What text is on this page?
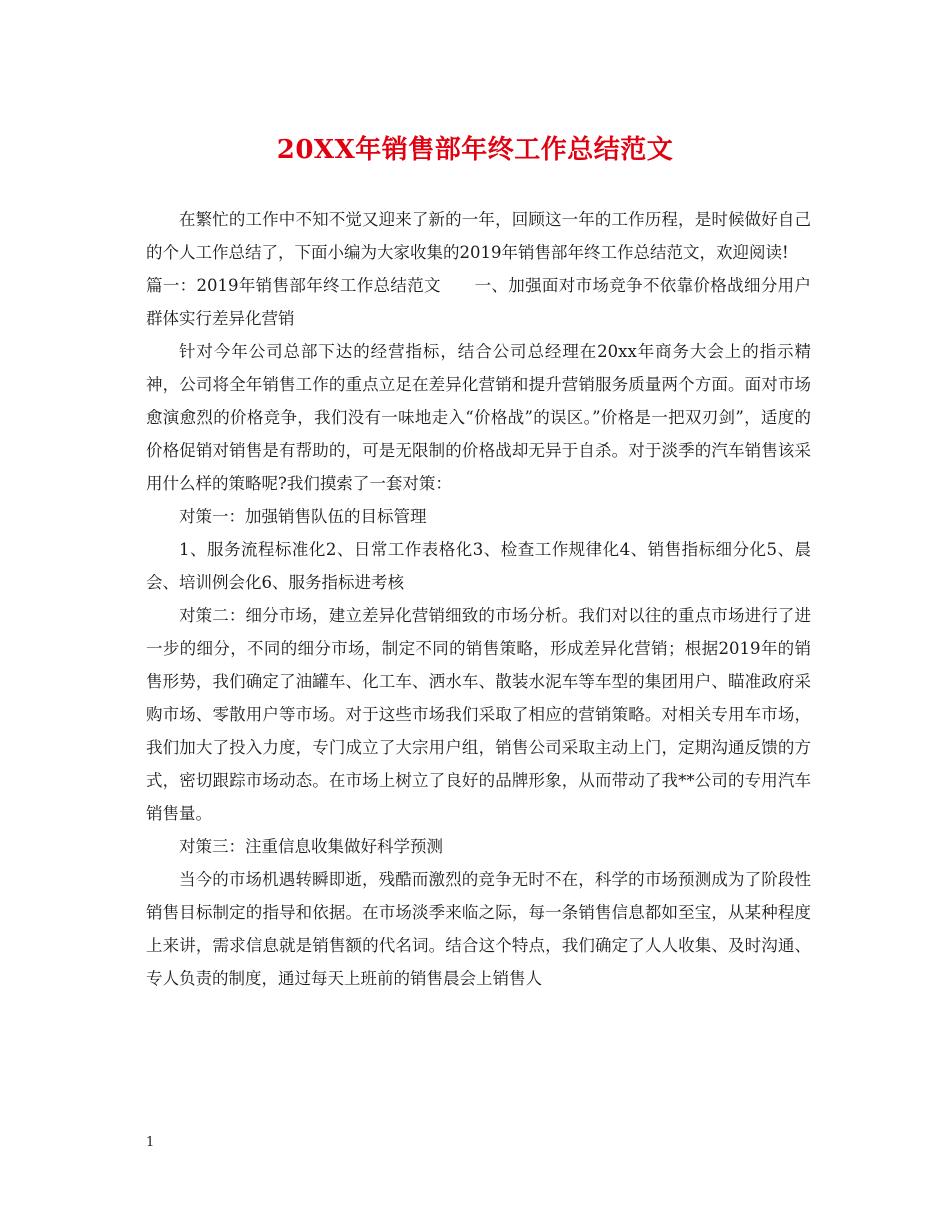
20XX年销售部年终工作总结范文

在繁忙的工作中不知不觉又迎来了新的一年，回顾这一年的工作历程，是时候做好自己的个人工作总结了，下面小编为大家收集的2019年销售部年终工作总结范文，欢迎阅读!

篇一：2019年销售部年终工作总结范文　　一、加强面对市场竞争不依靠价格战细分用户群体实行差异化营销

针对今年公司总部下达的经营指标，结合公司总经理在20xx年商务大会上的指示精神，公司将全年销售工作的重点立足在差异化营销和提升营销服务质量两个方面。面对市场愈演愈烈的价格竞争，我们没有一味地走入“价格战”的误区。”价格是一把双刃剑”，适度的价格促销对销售是有帮助的，可是无限制的价格战却无异于自杀。对于淡季的汽车销售该采用什么样的策略呢?我们摸索了一套对策：

对策一：加强销售队伍的目标管理

1、服务流程标准化2、日常工作表格化3、检查工作规律化4、销售指标细分化5、晨会、培训例会化6、服务指标进考核

对策二：细分市场，建立差异化营销细致的市场分析。我们对以往的重点市场进行了进一步的细分，不同的细分市场，制定不同的销售策略，形成差异化营销；根据2019年的销售形势，我们确定了油罐车、化工车、洒水车、散装水泥车等车型的集团用户、瞄准政府采购市场、零散用户等市场。对于这些市场我们采取了相应的营销策略。对相关专用车市场，我们加大了投入力度，专门成立了大宗用户组，销售公司采取主动上门，定期沟通反馈的方式，密切跟踪市场动态。在市场上树立了良好的品牌形象，从而带动了我**公司的专用汽车销售量。

对策三：注重信息收集做好科学预测

当今的市场机遇转瞬即逝，残酷而激烈的竞争无时不在，科学的市场预测成为了阶段性销售目标制定的指导和依据。在市场淡季来临之际，每一条销售信息都如至宝，从某种程度上来讲，需求信息就是销售额的代名词。结合这个特点，我们确定了人人收集、及时沟通、专人负责的制度，通过每天上班前的销售晨会上销售人

1
